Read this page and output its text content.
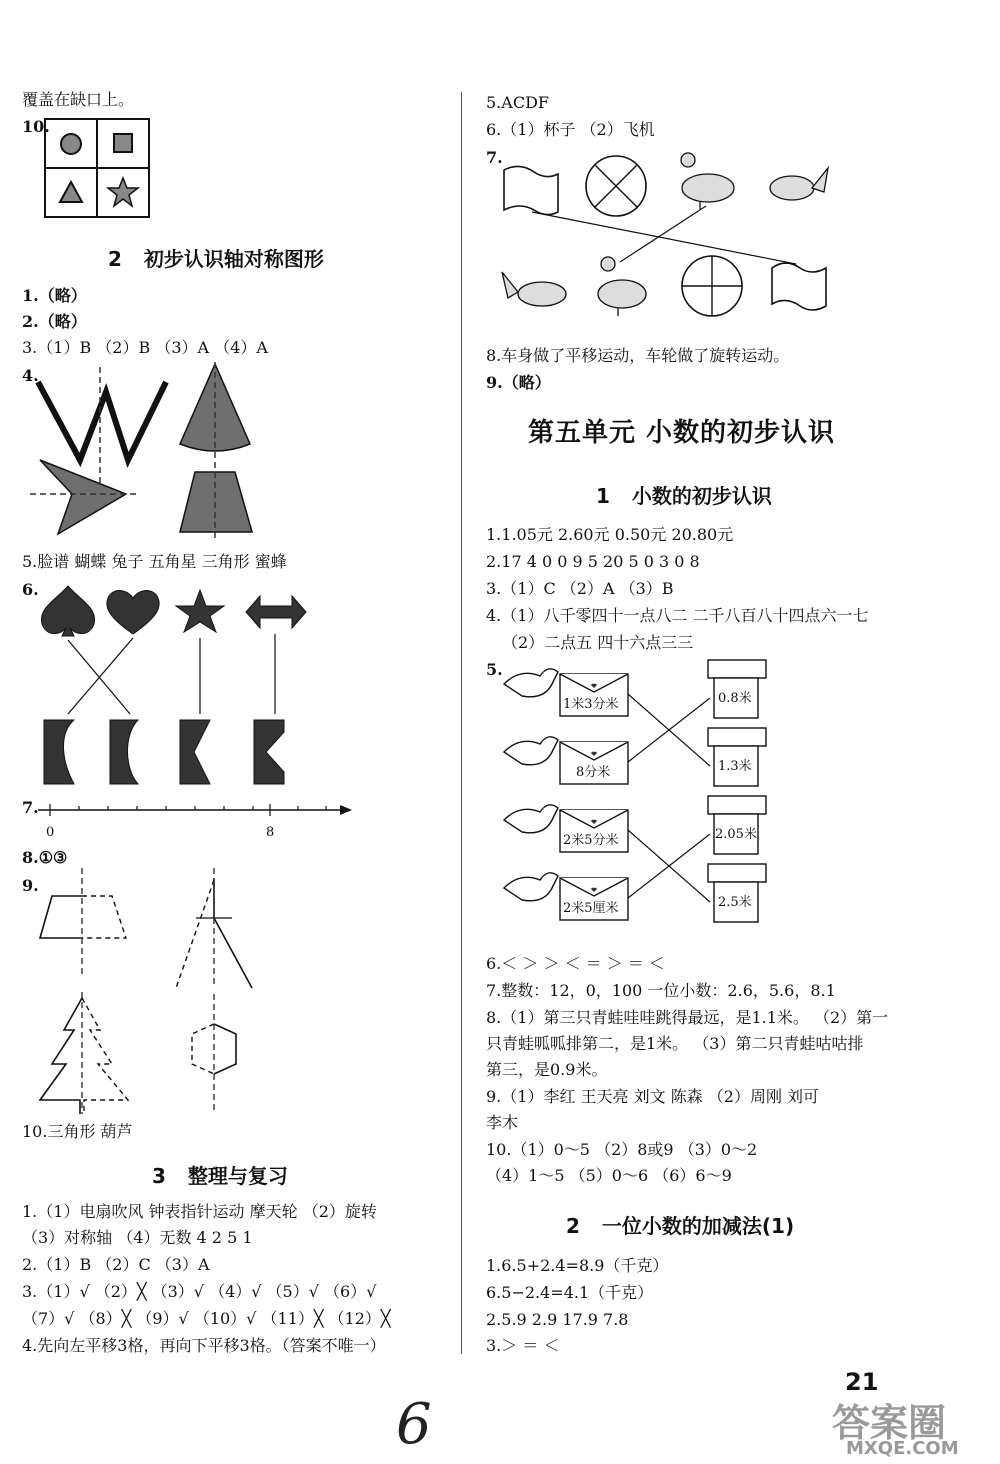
覆盖在缺口上。
10.
2 初步认识轴对称图形
1.（略）
2.（略）
3.（1）B （2）B （3）A （4）A
4.
5.脸谱 蝴蝶 兔子 五角星 三角形 蜜蜂
6.
7.
0	8
8.①③
9.
10.三角形 葫芦
3 整理与复习
1.（1）电扇吹风 钟表指针运动 摩天轮 （2）旋转
（3）对称轴 （4）无数 4 2 5 1
2.（1）B （2）C （3）A
3.（1）√ （2）╳ （3）√ （4）√ （5）√ （6）√
（7）√ （8）╳ （9）√ （10）√ （11）╳ （12）╳
4.先向左平移3格，再向下平移3格。（答案不唯一）
5.ACDF
6.（1）杯子 （2）飞机
7.
8.车身做了平移运动，车轮做了旋转运动。
9.（略）
第五单元 小数的初步认识
1 小数的初步认识
1.1.05元 2.60元 0.50元 20.80元
2.17 4 0 0 9 5 20 5 0 3 0 8
3.（1）C （2）A （3）B
4.（1）八千零四十一点八二 二千八百八十四点六一七
（2）二点五 四十六点三三
5.
1米3分米
8分米
2米5分米
2米5厘米
0.8米
1.3米
2.05米
2.5米
6.＜ ＞ ＞ ＜ ＝ ＞ ＝ ＜
7.整数：12，0，100 一位小数：2.6，5.6，8.1
8.（1）第三只青蛙哇哇跳得最远，是1.1米。 （2）第一
只青蛙呱呱排第二，是1米。 （3）第二只青蛙咕咕排
第三，是0.9米。
9.（1）李红 王天亮 刘文 陈森 （2）周刚 刘可
李木
10.（1）0～5 （2）8或9 （3）0～2
（4）1～5 （5）0～6 （6）6～9
2 一位小数的加减法(1)
1.6.5+2.4=8.9（千克）
6.5−2.4=4.1（千克）
2.5.9 2.9 17.9 7.8
3.＞ ＝ ＜
21
6	答案圈
MXQE.COM
